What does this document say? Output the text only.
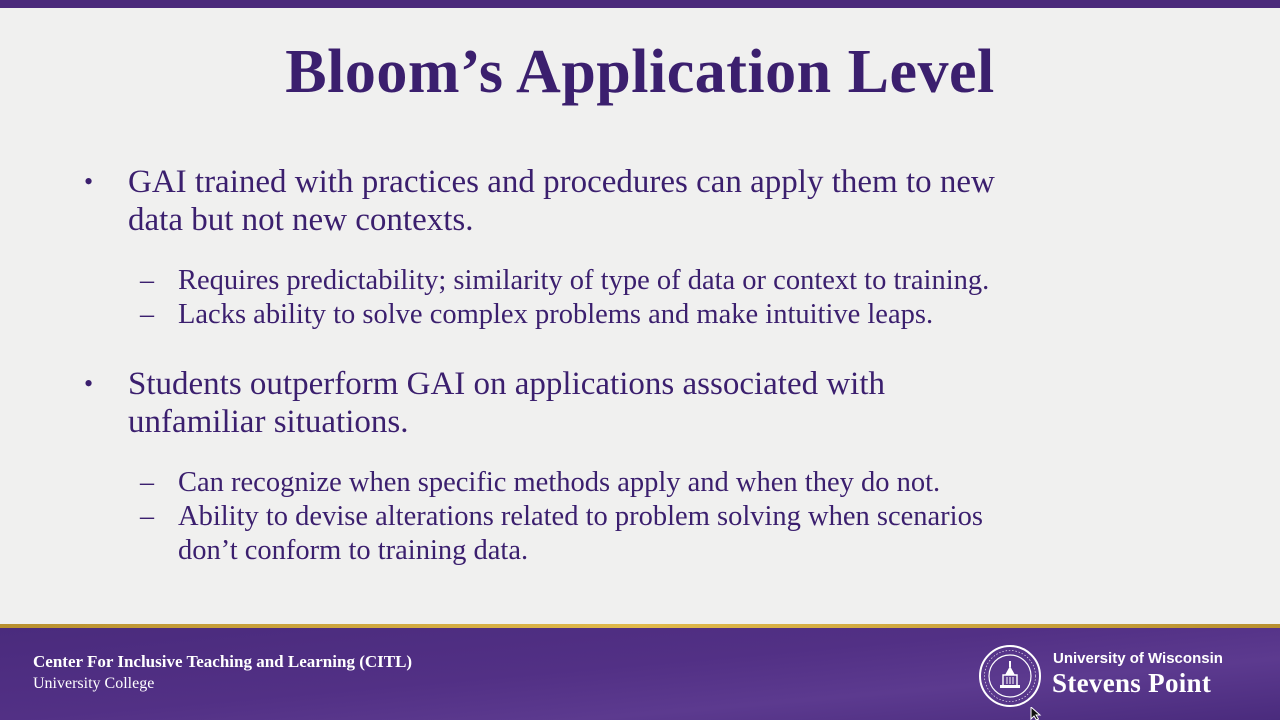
Bloom’s Application Level
• GAI trained with practices and procedures can apply them to new
data but not new contexts.
– Requires predictability; similarity of type of data or context to training.
– Lacks ability to solve complex problems and make intuitive leaps.
• Students outperform GAI on applications associated with
unfamiliar situations.
– Can recognize when specific methods apply and when they do not.
– Ability to devise alterations related to problem solving when scenarios
don’t conform to training data.
Center For Inclusive Teaching and Learning (CITL)
University College
University of Wisconsin
Stevens Point
